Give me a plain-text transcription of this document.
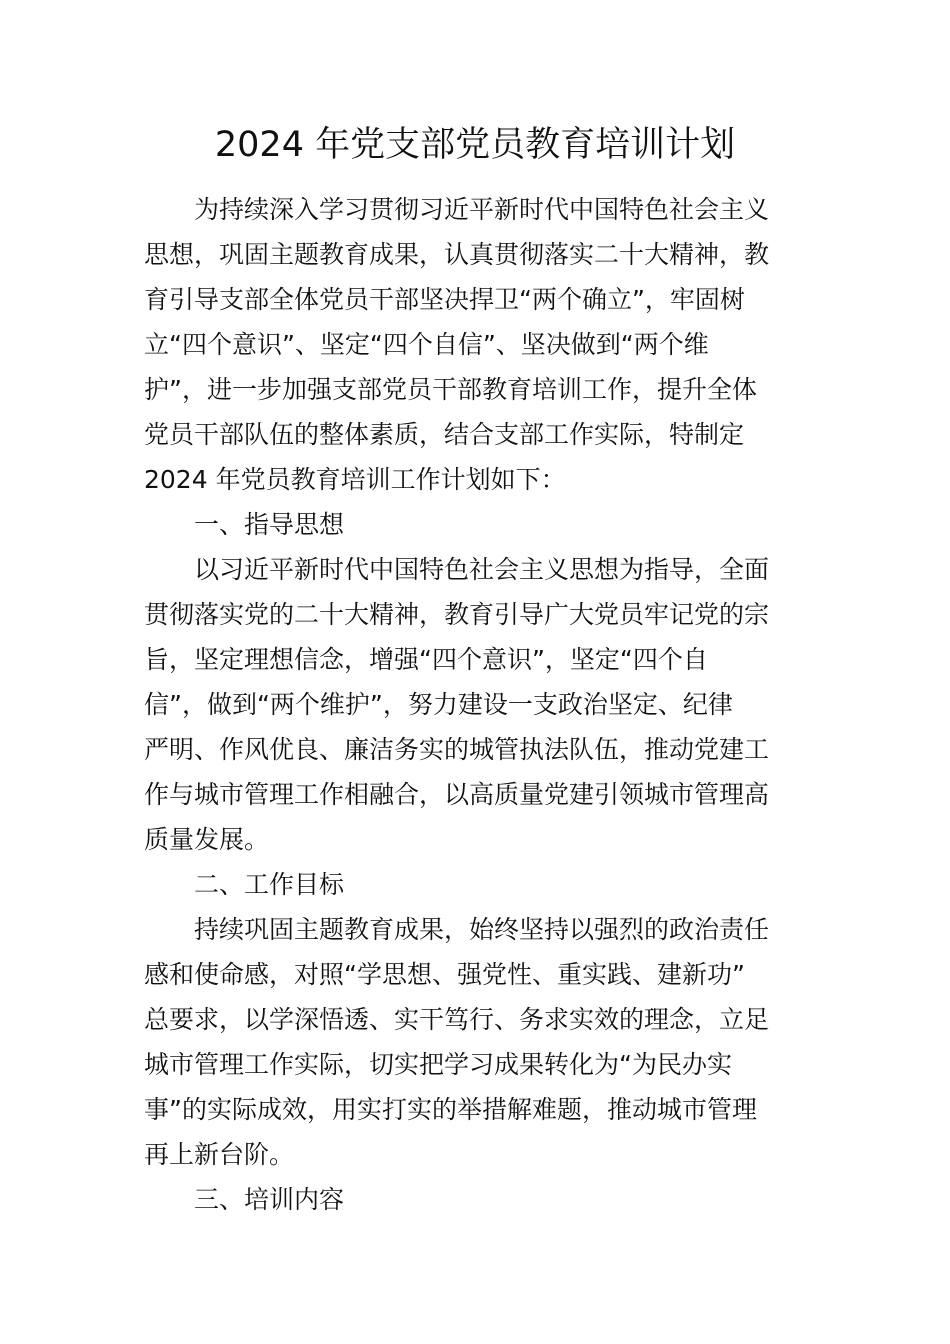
2024 年党支部党员教育培训计划

为持续深入学习贯彻习近平新时代中国特色社会主义

思想，巩固主题教育成果，认真贯彻落实二十大精神，教

育引导支部全体党员干部坚决捍卫“两个确立”，牢固树

立“四个意识”、坚定“四个自信”、坚决做到“两个维

护”，进一步加强支部党员干部教育培训工作，提升全体

党员干部队伍的整体素质，结合支部工作实际，特制定

2024 年党员教育培训工作计划如下：

一、指导思想

以习近平新时代中国特色社会主义思想为指导，全面

贯彻落实党的二十大精神，教育引导广大党员牢记党的宗

旨，坚定理想信念，增强“四个意识”，坚定“四个自

信”，做到“两个维护”，努力建设一支政治坚定、纪律

严明、作风优良、廉洁务实的城管执法队伍，推动党建工

作与城市管理工作相融合，以高质量党建引领城市管理高

质量发展。

二、工作目标

持续巩固主题教育成果，始终坚持以强烈的政治责任

感和使命感，对照“学思想、强党性、重实践、建新功”

总要求，以学深悟透、实干笃行、务求实效的理念，立足

城市管理工作实际，切实把学习成果转化为“为民办实

事”的实际成效，用实打实的举措解难题，推动城市管理

再上新台阶。

三、培训内容
